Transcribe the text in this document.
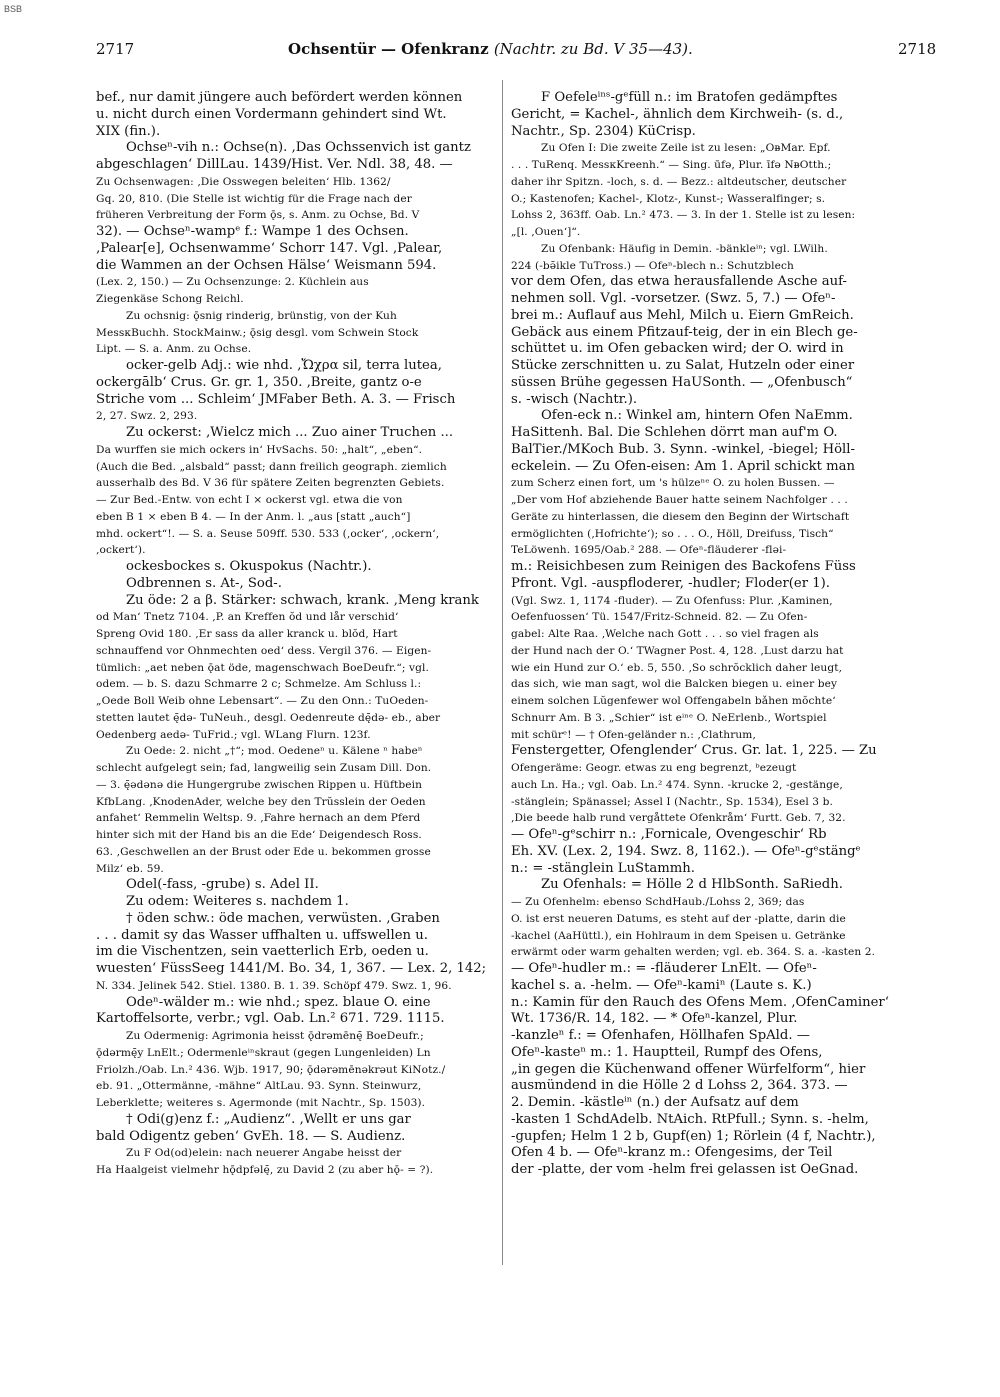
BSB
2717	Ochsentür — Ofenkranz (Nachtr. zu Bd. V 35—43).	2718
bef., nur damit jüngere auch befördert werden können
u. nicht durch einen Vordermann gehindert sind Wt.
XIX (fin.).
Ochseⁿ-vih n.: Ochse(n). ‚Das Ochssenvich ist gantz
abgeschlagen‘ DillLau. 1439/Hist. Ver. Ndl. 38, 48. —
Zu Ochsenwagen: ‚Die Osswegen beleiten‘ Hlb. 1362/
Gq. 20, 810. (Die Stelle ist wichtig für die Frage nach der
früheren Verbreitung der Form ǭs, s. Anm. zu Ochse, Bd. V
32). — Ochseⁿ-wampᵉ f.: Wampe 1 des Ochsen.
‚Palear[e], Ochsenwamme‘ Schorr 147. Vgl. ‚Palear,
die Wammen an der Ochsen Hälse‘ Weismann 594.
(Lex. 2, 150.) — Zu Ochsenzunge: 2. Küchlein aus
Ziegenkäse Schong Reichl.
Zu ochsnig: ǭsnig rinderig, brünstig, von der Kuh
MessᴋBuchh. StockMainw.; ǭsig desgl. vom Schwein Stock
Lipt. — S. a. Anm. zu Ochse.
ocker-gelb Adj.: wie nhd. ‚Ὤχρα sil, terra lutea,
ockergālb‘ Crus. Gr. gr. 1, 350. ‚Breite, gantz o-e
Striche vom ... Schleim‘ JMFaber Beth. A. 3. — Frisch
2, 27. Swz. 2, 293.
Zu ockerst: ‚Wielcz mich ... Zuo ainer Truchen ...
Da wurffen sie mich ockers in‘ HvSachs. 50: „halt“, „eben“.
(Auch die Bed. „alsbald“ passt; dann freilich geograph. ziemlich
ausserhalb des Bd. V 36 für spätere Zeiten begrenzten Gebiets.
— Zur Bed.-Entw. von echt I × ockerst vgl. etwa die von
eben B 1 × eben B 4. — In der Anm. l. „aus [statt „auch“]
mhd. ockert“!. — S. a. Seuse 509ff. 530. 533 (‚ocker‘, ‚ockern‘,
‚ockert‘).
ockesbockes s. Okuspokus (Nachtr.).
Odbrennen s. At-, Sod-.
Zu öde: 2 a β. Stärker: schwach, krank. ‚Meng krank
od Man‘ Tnetz 7104. ‚P. an Kreffen ŏd und lår verschid‘
Spreng Ovid 180. ‚Er sass da aller kranck u. blŏd, Hart
schnauffend vor Ohnmechten oed‘ dess. Vergil 376. — Eigen-
tümlich: „aet neben ǭat öde, magenschwach BoeDeufr.“; vgl.
odem. — b. S. dazu Schmarre 2 c; Schmelze. Am Schluss l.:
„Oede Boll Weib ohne Lebensart“. — Zu den Onn.: TuOeden-
stetten lautet ę̄də- TuNeuh., desgl. Oedenreute dę̄də- eb., aber
Oedenberg aedə- TuFrid.; vgl. WLang Flurn. 123f.
Zu Oede: 2. nicht „†“; mod. Oedeneⁿ u. Kälene ⁿ habeⁿ
schlecht aufgelegt sein; fad, langweilig sein Zusam Dill. Don.
— 3. ę̄ədənə die Hungergrube zwischen Rippen u. Hüftbein
KfbLang. ‚KnodenAder, welche bey den Trŭsslein der Oeden
anfahet‘ Remmelin Weltsp. 9. ‚Fahre hernach an dem Pferd
hinter sich mit der Hand bis an die Ede‘ Deigendesch Ross.
63. ‚Geschwellen an der Brust oder Ede u. bekommen grosse
Milz‘ eb. 59.
Odel(-fass, -grube) s. Adel II.
Zu odem: Weiteres s. nachdem 1.
† öden schw.: öde machen, verwüsten. ‚Graben
. . . damit sy das Wasser uffhalten u. uffswellen u.
im die Vischentzen, sein vaetterlich Erb, oeden u.
wuesten‘ FüssSeeg 1441/M. Bo. 34, 1, 367. — Lex. 2, 142;
N. 334. Jelinek 542. Stiel. 1380. B. 1. 39. Schöpf 479. Swz. 1, 96.
Odeⁿ-wälder m.: wie nhd.; spez. blaue O. eine
Kartoffelsorte, verbr.; vgl. Oab. Ln.² 671. 729. 1115.
Zu Odermenig: Agrimonia heisst ǭdrəmēnę̄ BoeDeufr.;
ǭdərmę̄y LnElt.; Odermenleⁱⁿskraut (gegen Lungenleiden) Ln
Friolzh./Oab. Ln.² 436. Wjb. 1917, 90; ǭdərəmēnəkrəut KiNotz./
eb. 91. „Ottermänne, -mähne“ AltLau. 93. Synn. Steinwurz,
Leberklette; weiteres s. Agermonde (mit Nachtr., Sp. 1503).
† Odi(g)enz f.: „Audienz“. ‚Wellt er uns gar
bald Odigentz geben‘ GvEh. 18. — S. Audienz.
Zu F Od(od)elein: nach neuerer Angabe heisst der
Ha Haalgeist vielmehr hǭdpfəlę̄, zu David 2 (zu aber hǭ- = ?).
F Oefeleⁱⁿˢ-gᵉfüll n.: im Bratofen gedämpftes
Gericht, = Kachel-, ähnlich dem Kirchweih- (s. d.,
Nachtr., Sp. 2304) KüCrisp.
Zu Ofen I: Die zweite Zeile ist zu lesen: „OᴃMar. Epf.
. . . TuRenq. MessᴋKreenh.“ — Sing. ūfə, Plur. īfə NᴃOtth.;
daher ihr Spitzn. -loch, s. d. — Bezz.: altdeutscher, deutscher
O.; Kastenofen; Kachel-, Klotz-, Kunst-; Wasseralfinger; s.
Lohss 2, 363ff. Oab. Ln.² 473. — 3. In der 1. Stelle ist zu lesen:
„[l. ‚Ouen‘]“.
Zu Ofenbank: Häufig in Demin. -bänkleⁱⁿ; vgl. LWilh.
224 (-bə̄ikle TuTross.) — Ofeⁿ-blech n.: Schutzblech
vor dem Ofen, das etwa herausfallende Asche auf-
nehmen soll. Vgl. -vorsetzer. (Swz. 5, 7.) — Ofeⁿ-
brei m.: Auflauf aus Mehl, Milch u. Eiern GmReich.
Gebäck aus einem Pfitzauf-teig, der in ein Blech ge-
schüttet u. im Ofen gebacken wird; der O. wird in
Stücke zerschnitten u. zu Salat, Hutzeln oder einer
süssen Brühe gegessen HaUSonth. — „Ofenbusch“
s. -wisch (Nachtr.).
Ofen-eck n.: Winkel am, hintern Ofen NaEmm.
HaSittenh. Bal. Die Schlehen dörrt man auf'm O.
BalTier./MKoch Bub. 3. Synn. -winkel, -biegel; Höll-
eckelein. — Zu Ofen-eisen: Am 1. April schickt man
zum Scherz einen fort, um 's hülzeⁿᵉ O. zu holen Bussen. —
„Der vom Hof abziehende Bauer hatte seinem Nachfolger . . .
Geräte zu hinterlassen, die diesem den Beginn der Wirtschaft
ermöglichten (‚Hofrichte‘); so . . . O., Höll, Dreifuss, Tisch“
TeLöwenh. 1695/Oab.² 288. — Ofeⁿ-fläuderer -flǝi-
m.: Reisichbesen zum Reinigen des Backofens Füss
Pfront. Vgl. -auspfloderer, -hudler; Floder(er 1).
(Vgl. Swz. 1, 1174 -fluder). — Zu Ofenfuss: Plur. ‚Kaminen,
Oefenfuossen‘ Tü. 1547/Fritz-Schneid. 82. — Zu Ofen-
gabel: Alte Raa. ‚Welche nach Gott . . . so viel fragen als
der Hund nach der O.‘ TWagner Post. 4, 128. ‚Lust darzu hat
wie ein Hund zur O.‘ eb. 5, 550. ‚So schrŏcklich daher leugt,
das sich, wie man sagt, wol die Balcken biegen u. einer bey
einem solchen Lŭgenfewer wol Offengabeln bǎhen mŏchte‘
Schnurr Am. B 3. „Schier“ ist eⁱⁿᵉ O. NeErlenb., Wortspiel
mit schürᵉ! — † Ofen-geländer n.: ‚Clathrum,
Fenstergetter, Ofenglender‘ Crus. Gr. lat. 1, 225. — Zu
Ofengeräme: Geogr. etwas zu eng begrenzt, ᵇezeugt
auch Ln. Ha.; vgl. Oab. Ln.² 474. Synn. -krucke 2, -gestänge,
-stänglein; Spänassel; Assel I (Nachtr., Sp. 1534), Esel 3 b.
‚Die beede halb rund vergåttete Ofenkråm‘ Furtt. Geb. 7, 32.
— Ofeⁿ-gᵉschirr n.: ‚Fornicale, Ovengeschir‘ Rb
Eh. XV. (Lex. 2, 194. Swz. 8, 1162.). — Ofeⁿ-gᵉstängᵉ
n.: = -stänglein LuStammh.
Zu Ofenhals: = Hölle 2 d HlbSonth. SaRiedh.
— Zu Ofenhelm: ebenso SchdHaub./Lohss 2, 369; das
O. ist erst neueren Datums, es steht auf der -platte, darin die
-kachel (AaHüttl.), ein Hohlraum in dem Speisen u. Getränke
erwärmt oder warm gehalten werden; vgl. eb. 364. S. a. -kasten 2.
— Ofeⁿ-hudler m.: = -fläuderer LnElt. — Ofeⁿ-
kachel s. a. -helm. — Ofeⁿ-kamiⁿ (Laute s. K.)
n.: Kamin für den Rauch des Ofens Mem. ‚OfenCaminer‘
Wt. 1736/R. 14, 182. — * Ofeⁿ-kanzel, Plur.
-kanzleⁿ f.: = Ofenhafen, Höllhafen SpAld. —
Ofeⁿ-kasteⁿ m.: 1. Hauptteil, Rumpf des Ofens,
„in gegen die Küchenwand offener Würfelform“, hier
ausmündend in die Hölle 2 d Lohss 2, 364. 373. —
2. Demin. -kästleⁱⁿ (n.) der Aufsatz auf dem
-kasten 1 SchdAdelb. NtAich. RtPfull.; Synn. s. -helm,
-gupfen; Helm 1 2 b, Gupf(en) 1; Rörlein (4 f, Nachtr.),
Ofen 4 b. — Ofeⁿ-kranz m.: Ofengesims, der Teil
der -platte, der vom -helm frei gelassen ist OeGnad.
